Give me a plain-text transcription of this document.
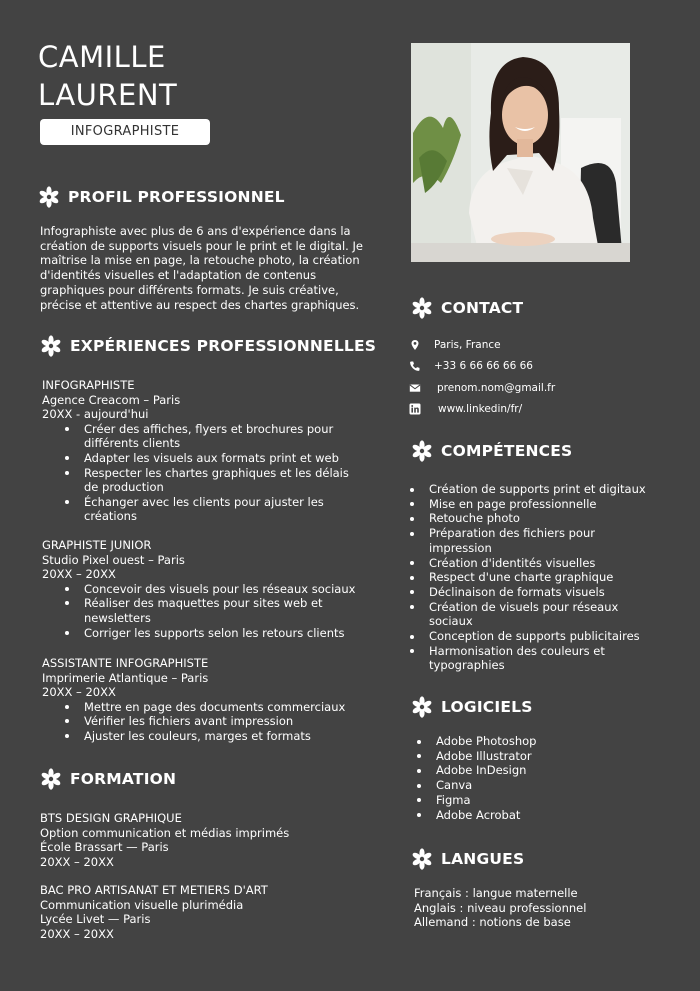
CAMILLE
LAURENT
INFOGRAPHISTE
PROFIL PROFESSIONNEL
Infographiste avec plus de 6 ans d'expérience dans la
création de supports visuels pour le print et le digital. Je
maîtrise la mise en page, la retouche photo, la création
d'identités visuelles et l'adaptation de contenus
graphiques pour différents formats. Je suis créative,
précise et attentive au respect des chartes graphiques.
EXPÉRIENCES PROFESSIONNELLES
INFOGRAPHISTE
Agence Creacom – Paris
20XX - aujourd'hui
Créer des affiches, flyers et brochures pour
différents clients
Adapter les visuels aux formats print et web
Respecter les chartes graphiques et les délais
de production
Échanger avec les clients pour ajuster les
créations
GRAPHISTE JUNIOR
Studio Pixel ouest – Paris
20XX – 20XX
Concevoir des visuels pour les réseaux sociaux
Réaliser des maquettes pour sites web et
newsletters
Corriger les supports selon les retours clients
ASSISTANTE INFOGRAPHISTE
Imprimerie Atlantique – Paris
20XX – 20XX
Mettre en page des documents commerciaux
Vérifier les fichiers avant impression
Ajuster les couleurs, marges et formats
FORMATION
BTS DESIGN GRAPHIQUE
Option communication et médias imprimés
École Brassart — Paris
20XX – 20XX
BAC PRO ARTISANAT ET METIERS D'ART
Communication visuelle plurimédia
Lycée Livet — Paris
20XX – 20XX
CONTACT
Paris, France
+33 6 66 66 66 66
prenom.nom@gmail.fr
www.linkedin/fr/
COMPÉTENCES
Création de supports print et digitaux
Mise en page professionnelle
Retouche photo
Préparation des fichiers pour
impression
Création d'identités visuelles
Respect d'une charte graphique
Déclinaison de formats visuels
Création de visuels pour réseaux
sociaux
Conception de supports publicitaires
Harmonisation des couleurs et
typographies
LOGICIELS
Adobe Photoshop
Adobe Illustrator
Adobe InDesign
Canva
Figma
Adobe Acrobat
LANGUES
Français : langue maternelle
Anglais : niveau professionnel
Allemand : notions de base
